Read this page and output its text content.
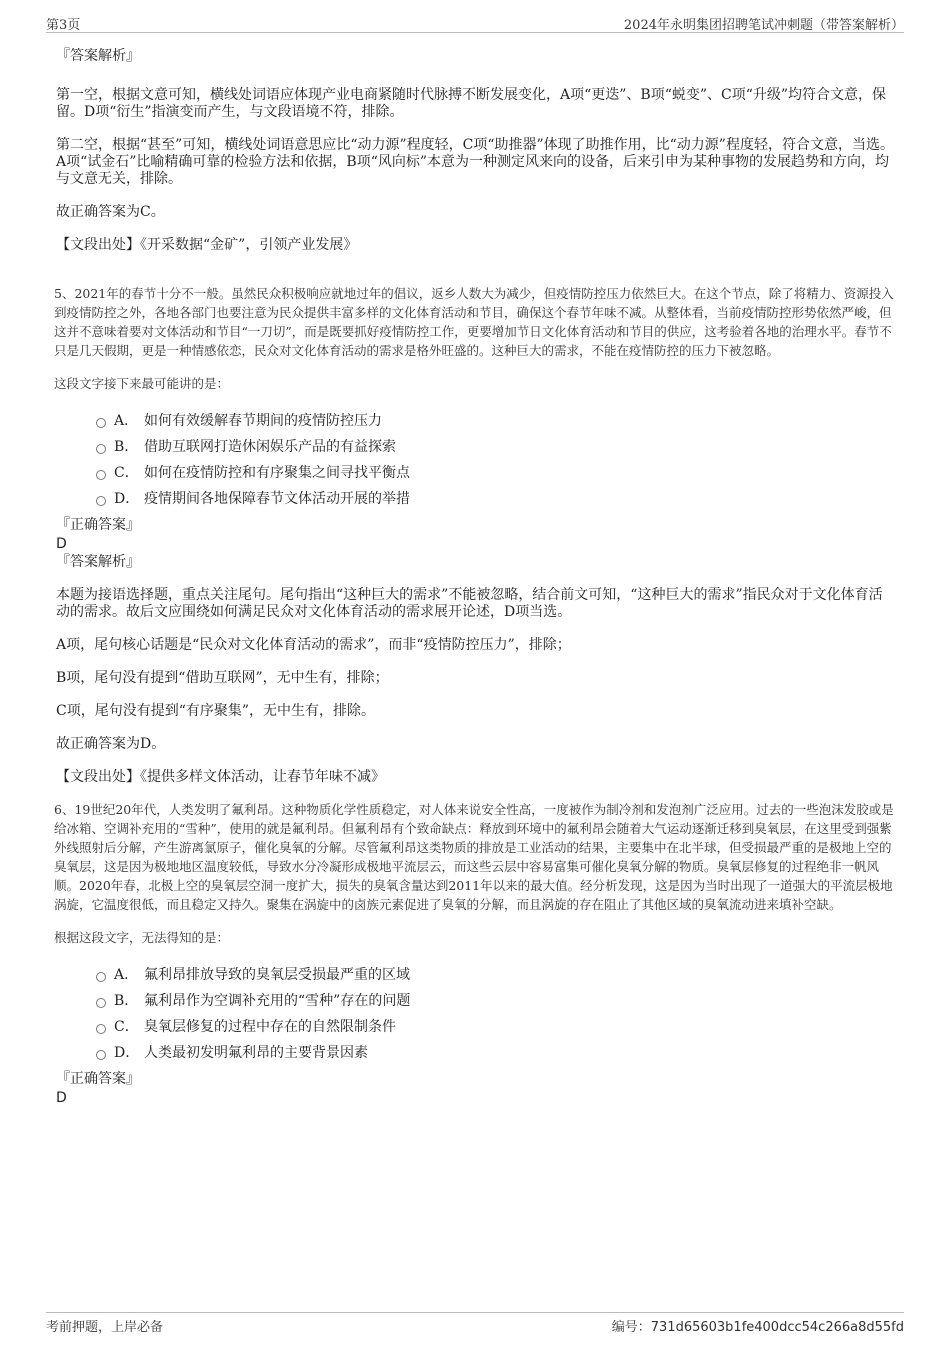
第3页	2024年永明集团招聘笔试冲刺题（带答案解析）

『答案解析』

第一空，根据文意可知，横线处词语应体现产业电商紧随时代脉搏不断发展变化，A项“更迭”、B项“蜕变”、C项“升级”均符合文意，保留。D项“衍生”指演变而产生，与文段语境不符，排除。

第二空，根据“甚至”可知，横线处词语意思应比“动力源”程度轻，C项“助推器”体现了助推作用，比“动力源”程度轻，符合文意，当选。A项“试金石”比喻精确可靠的检验方法和依据，B项“风向标”本意为一种测定风来向的设备，后来引申为某种事物的发展趋势和方向，均与文意无关，排除。

故正确答案为C。

【文段出处】《开采数据“金矿”，引领产业发展》

5、2021年的春节十分不一般。虽然民众积极响应就地过年的倡议，返乡人数大为减少，但疫情防控压力依然巨大。在这个节点，除了将精力、资源投入到疫情防控之外，各地各部门也要注意为民众提供丰富多样的文化体育活动和节目，确保这个春节年味不减。从整体看，当前疫情防控形势依然严峻，但这并不意味着要对文体活动和节目“一刀切”，而是既要抓好疫情防控工作，更要增加节日文化体育活动和节目的供应，这考验着各地的治理水平。春节不只是几天假期，更是一种情感依恋，民众对文化体育活动的需求是格外旺盛的。这种巨大的需求，不能在疫情防控的压力下被忽略。

这段文字接下来最可能讲的是：

A． 如何有效缓解春节期间的疫情防控压力
B． 借助互联网打造休闲娱乐产品的有益探索
C． 如何在疫情防控和有序聚集之间寻找平衡点
D． 疫情期间各地保障春节文体活动开展的举措

『正确答案』

D

『答案解析』

本题为接语选择题，重点关注尾句。尾句指出“这种巨大的需求”不能被忽略，结合前文可知，“这种巨大的需求”指民众对于文化体育活动的需求。故后文应围绕如何满足民众对文化体育活动的需求展开论述，D项当选。

A项，尾句核心话题是“民众对文化体育活动的需求”，而非“疫情防控压力”，排除；

B项，尾句没有提到“借助互联网”，无中生有，排除；

C项，尾句没有提到“有序聚集”，无中生有，排除。

故正确答案为D。

【文段出处】《提供多样文体活动，让春节年味不减》

6、19世纪20年代，人类发明了氟利昂。这种物质化学性质稳定，对人体来说安全性高，一度被作为制冷剂和发泡剂广泛应用。过去的一些泡沫发胶或是给冰箱、空调补充用的“雪种”，使用的就是氟利昂。但氟利昂有个致命缺点：释放到环境中的氟利昂会随着大气运动逐渐迁移到臭氧层，在这里受到强紫外线照射后分解，产生游离氯原子，催化臭氧的分解。尽管氟利昂这类物质的排放是工业活动的结果，主要集中在北半球，但受损最严重的是极地上空的臭氧层，这是因为极地地区温度较低，导致水分冷凝形成极地平流层云，而这些云层中容易富集可催化臭氧分解的物质。臭氧层修复的过程绝非一帆风顺。2020年春，北极上空的臭氧层空洞一度扩大，损失的臭氧含量达到2011年以来的最大值。经分析发现，这是因为当时出现了一道强大的平流层极地涡旋，它温度很低，而且稳定又持久。聚集在涡旋中的卤族元素促进了臭氧的分解，而且涡旋的存在阻止了其他区域的臭氧流动进来填补空缺。

根据这段文字，无法得知的是：

A． 氟利昂排放导致的臭氧层受损最严重的区域
B． 氟利昂作为空调补充用的“雪种”存在的问题
C． 臭氧层修复的过程中存在的自然限制条件
D． 人类最初发明氟利昂的主要背景因素

『正确答案』

D

考前押题，上岸必备	编号：731d65603b1fe400dcc54c266a8d55fd
